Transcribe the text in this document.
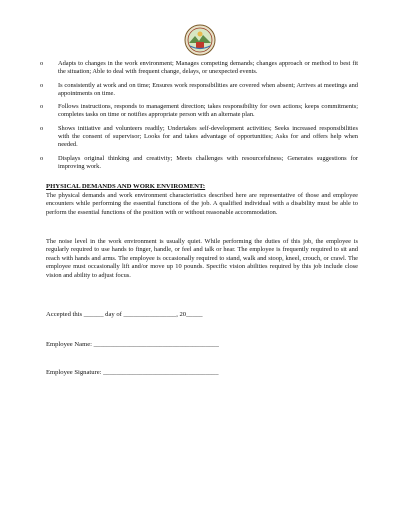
o Adapts to changes in the work environment; Manages competing demands; changes approach or method to best fit the situation; Able to deal with frequent change, delays, or unexpected events.
o Is consistently at work and on time; Ensures work responsibilities are covered when absent; Arrives at meetings and appointments on time.
o Follows instructions, responds to management direction; takes responsibility for own actions; keeps commitments; completes tasks on time or notifies appropriate person with an alternate plan.
o Shows initiative and volunteers readily; Undertakes self-development activities; Seeks increased responsibilities with the consent of supervisor; Looks for and takes advantage of opportunities; Asks for and offers help when needed.
o Displays original thinking and creativity; Meets challenges with resourcefulness; Generates suggestions for improving work.
PHYSICAL DEMANDS AND WORK ENVIROMENT:

The physical demands and work environment characteristics described here are representative of those and employee encounters while performing the essential functions of the job. A qualified individual with a disability must be able to perform the essential functions of the position with or without reasonable accommodation.

The noise level in the work environment is usually quiet. While performing the duties of this job, the employee is regularly required to use hands to finger, handle, or feel and talk or hear. The employee is frequently required to sit and reach with hands and arms. The employee is occasionally required to stand, walk and stoop, kneel, crouch, or crawl. The employee must occasionally lift and/or move up 10 pounds. Specific vision abilities required by this job include close vision and ability to adjust focus.

Accepted this ______ day of ________________, 20_____
Employee Name: ______________________________________
Employee Signature: ___________________________________
